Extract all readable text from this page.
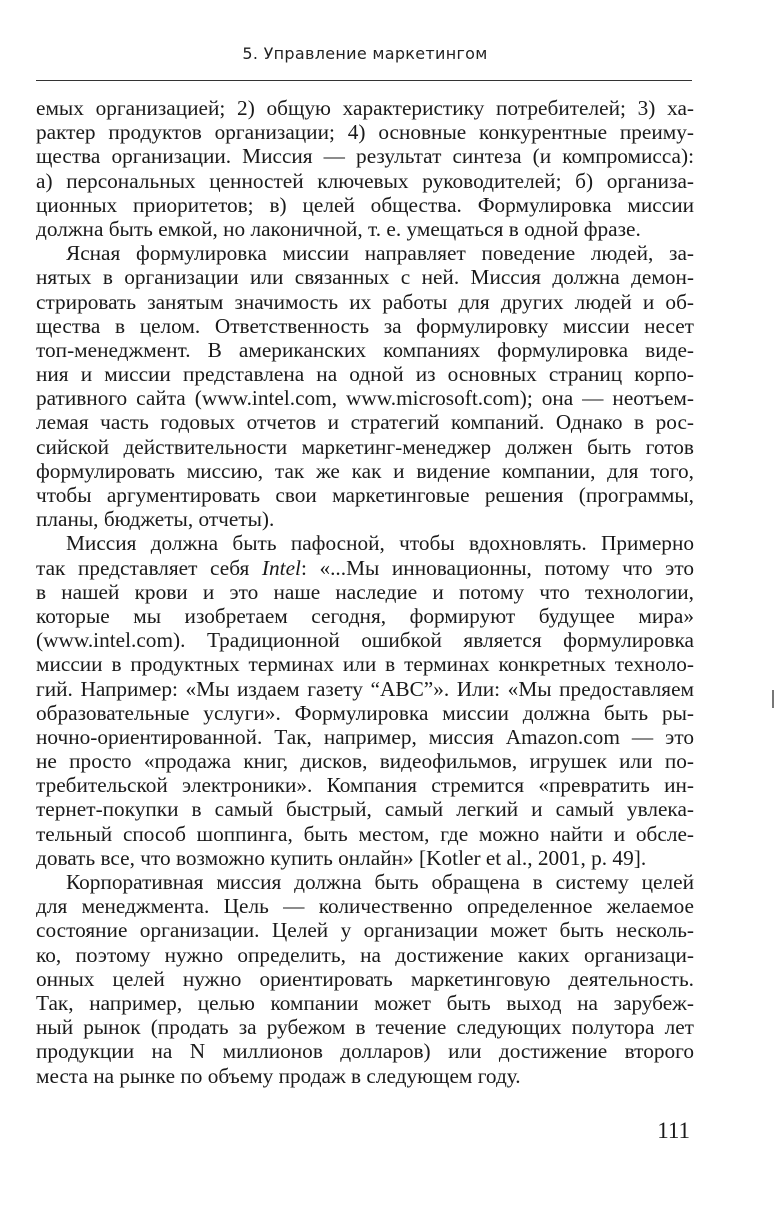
5. Управление маркетингом
емых организацией; 2) общую характеристику потребителей; 3) ха-
рактер продуктов организации; 4) основные конкурентные преиму-
щества организации. Миссия — результат синтеза (и компромисса):
а) персональных ценностей ключевых руководителей; б) организа-
ционных приоритетов; в) целей общества. Формулировка миссии
должна быть емкой, но лаконичной, т. е. умещаться в одной фразе.
Ясная формулировка миссии направляет поведение людей, за-
нятых в организации или связанных с ней. Миссия должна демон-
стрировать занятым значимость их работы для других людей и об-
щества в целом. Ответственность за формулировку миссии несет
топ-менеджмент. В американских компаниях формулировка виде-
ния и миссии представлена на одной из основных страниц корпо-
ративного сайта (www.intel.com, www.microsoft.com); она — неотъем-
лемая часть годовых отчетов и стратегий компаний. Однако в рос-
сийской действительности маркетинг-менеджер должен быть готов
формулировать миссию, так же как и видение компании, для того,
чтобы аргументировать свои маркетинговые решения (программы,
планы, бюджеты, отчеты).
Миссия должна быть пафосной, чтобы вдохновлять. Примерно
так представляет себя Intel: «...Мы инновационны, потому что это
в нашей крови и это наше наследие и потому что технологии,
которые мы изобретаем сегодня, формируют будущее мира»
(www.intel.com). Традиционной ошибкой является формулировка
миссии в продуктных терминах или в терминах конкретных техноло-
гий. Например: «Мы издаем газету “АВС”». Или: «Мы предоставляем
образовательные услуги». Формулировка миссии должна быть ры-
ночно-ориентированной. Так, например, миссия Amazon.com — это
не просто «продажа книг, дисков, видеофильмов, игрушек или по-
требительской электроники». Компания стремится «превратить ин-
тернет-покупки в самый быстрый, самый легкий и самый увлека-
тельный способ шоппинга, быть местом, где можно найти и обсле-
довать все, что возможно купить онлайн» [Kotler et al., 2001, p. 49].
Корпоративная миссия должна быть обращена в систему целей
для менеджмента. Цель — количественно определенное желаемое
состояние организации. Целей у организации может быть несколь-
ко, поэтому нужно определить, на достижение каких организаци-
онных целей нужно ориентировать маркетинговую деятельность.
Так, например, целью компании может быть выход на зарубеж-
ный рынок (продать за рубежом в течение следующих полутора лет
продукции на N миллионов долларов) или достижение второго
места на рынке по объему продаж в следующем году.
111
